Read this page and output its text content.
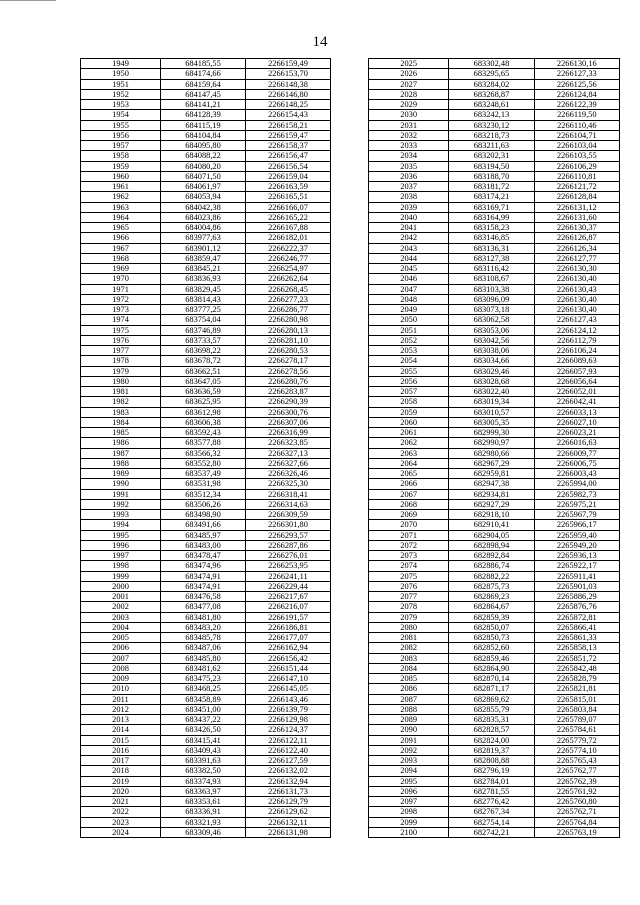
14
1949	684185,55	2266159,49
1950	684174,66	2266153,70
1951	684159,64	2266148,38
1952	684147,45	2266146,80
1953	684141,21	2266148,25
1954	684128,39	2266154,43
1955	684115,19	2266158,21
1956	684104,84	2266159,47
1957	684095,80	2266158,37
1958	684088,22	2266156,47
1959	684080,20	2266156,54
1960	684071,50	2266159,04
1961	684061,97	2266163,59
1962	684053,94	2266165,51
1963	684042,38	2266166,07
1964	684023,86	2266165,22
1965	684004,86	2266167,88
1966	683977,63	2266182,01
1967	683901,12	2266222,37
1968	683859,47	2266246,77
1969	683845,21	2266254,97
1970	683836,93	2266262,64
1971	683829,45	2266268,45
1972	683814,43	2266277,23
1973	683777,25	2266286,77
1974	683754,04	2266280,98
1975	683746,89	2266280,13
1976	683733,57	2266281,10
1977	683698,22	2266280,53
1978	683678,72	2266278,17
1979	683662,51	2266278,56
1980	683647,05	2266280,76
1981	683636,59	2266283,87
1982	683625,95	2266290,39
1983	683612,98	2266300,76
1984	683606,38	2266307,06
1985	683592,43	2266316,99
1986	683577,88	2266323,85
1987	683566,32	2266327,13
1988	683552,80	2266327,66
1989	683537,49	2266326,46
1990	683531,98	2266325,30
1991	683512,34	2266318,41
1992	683506,26	2266314,63
1993	683498,90	2266309,59
1994	683491,66	2266301,80
1995	683485,97	2266293,57
1996	683483,00	2266287,86
1997	683478,47	2266276,01
1998	683474,96	2266253,95
1999	683474,91	2266241,11
2000	683474,91	2266229,44
2001	683476,58	2266217,67
2002	683477,08	2266216,07
2003	683481,80	2266191,57
2004	683483,20	2266186,81
2005	683485,78	2266177,07
2006	683487,06	2266162,94
2007	683485,80	2266156,42
2008	683481,62	2266151,44
2009	683475,23	2266147,10
2010	683468,25	2266145,05
2011	683458,89	2266143,46
2012	683451,00	2266139,79
2013	683437,22	2266129,98
2014	683426,50	2266124,37
2015	683415,41	2266122,11
2016	683409,43	2266122,40
2017	683391,63	2266127,59
2018	683382,50	2266132,02
2019	683374,93	2266132,94
2020	683363,97	2266131,73
2021	683353,61	2266129,79
2022	683336,91	2266129,62
2023	683321,93	2266132,11
2024	683309,46	2266131,98
2025	683302,48	2266130,16
2026	683295,65	2266127,33
2027	683284,02	2266125,56
2028	683268,87	2266124,84
2029	683248,61	2266122,39
2030	683242,13	2266119,50
2031	683230,12	2266110,46
2032	683218,73	2266104,71
2033	683211,63	2266103,04
2034	683202,31	2266103,55
2035	683194,50	2266106,29
2036	683188,70	2266110,81
2037	683181,72	2266121,72
2038	683174,21	2266128,84
2039	683169,71	2266131,12
2040	683164,99	2266131,60
2041	683158,23	2266130,37
2042	683146,85	2266126,87
2043	683136,31	2266126,34
2044	683127,38	2266127,77
2045	683116,42	2266130,30
2046	683108,67	2266130,40
2047	683103,38	2266130,43
2048	683096,09	2266130,40
2049	683073,18	2266130,40
2050	683062,58	2266127,43
2051	683053,06	2266124,12
2052	683042,56	2266112,79
2053	683038,06	2266106,24
2054	683034,66	2266089,63
2055	683029,46	2266057,93
2056	683028,68	2266056,64
2057	683022,40	2266052,01
2058	683019,34	2266042,41
2059	683010,57	2266033,13
2060	683005,35	2266027,10
2061	682999,30	2266023,21
2062	682990,97	2266016,63
2063	682980,66	2266009,77
2064	682967,29	2266006,75
2065	682959,81	2266003,43
2066	682947,38	2265994,00
2067	682934,81	2265982,73
2068	682927,29	2265975,21
2069	682918,10	2265967,79
2070	682910,41	2265966,17
2071	682904,05	2265959,40
2072	682898,94	2265949,20
2073	682892,84	2265936,13
2074	682886,74	2265922,17
2075	682882,22	2265911,41
2076	682875,73	2265901,03
2077	682869,23	2265886,29
2078	682864,67	2265876,76
2079	682859,39	2265872,81
2080	682850,07	2265866,41
2081	682850,73	2265861,33
2082	682852,60	2265858,13
2083	682859,46	2265851,72
2084	682864,90	2265842,48
2085	682870,14	2265828,79
2086	682871,17	2265821,81
2087	682869,62	2265815,01
2088	682855,79	2265803,84
2089	682835,31	2265789,07
2090	682828,57	2265784,61
2091	682824,00	2265779,72
2092	682819,37	2265774,10
2093	682808,88	2265765,43
2094	682796,19	2265762,77
2095	682784,01	2265762,39
2096	682781,55	2265761,92
2097	682776,42	2265760,80
2098	682767,34	2265762,71
2099	682754,14	2265764,84
2100	682742,21	2265763,19
